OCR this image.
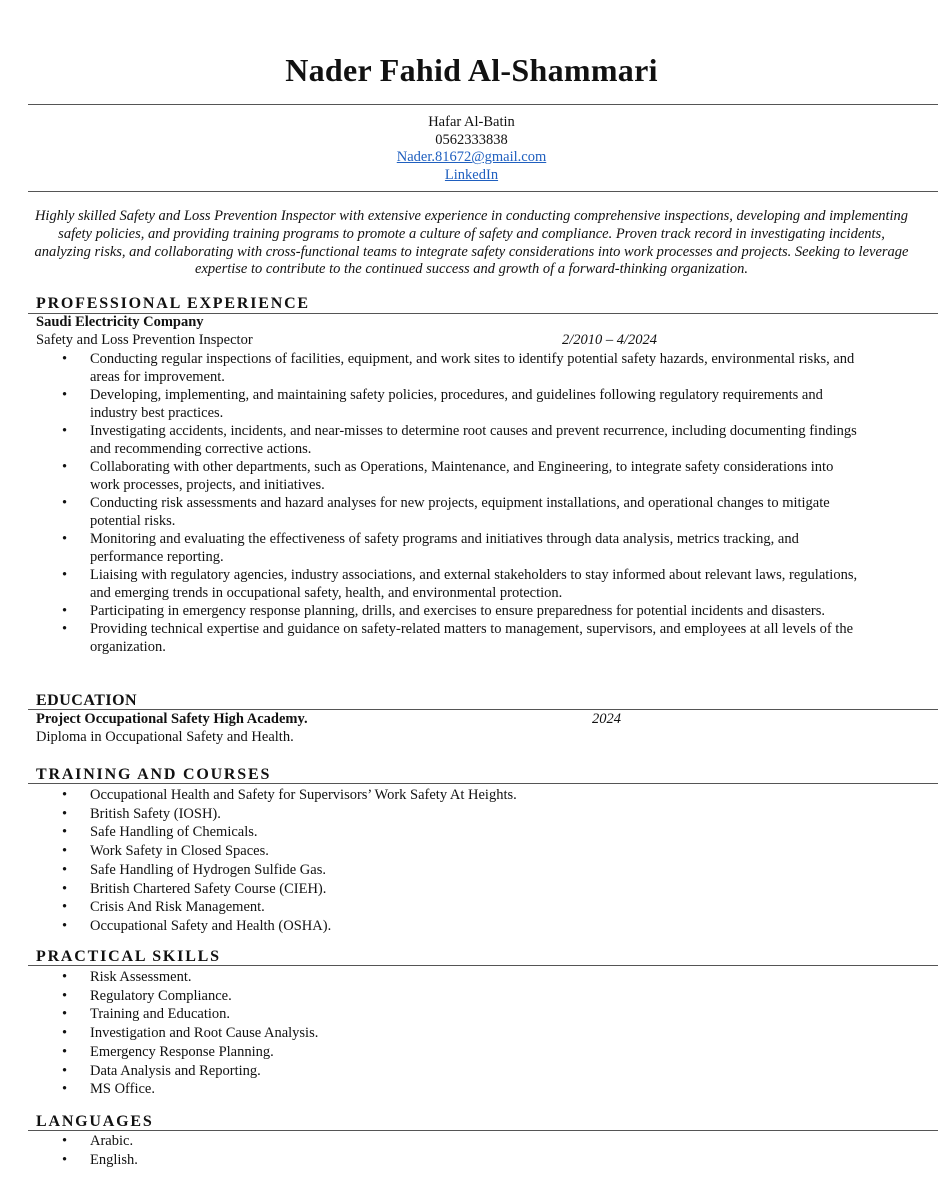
Nader Fahid Al-Shammari
Hafar Al-Batin
0562333838
Nader.81672@gmail.com
LinkedIn
Highly skilled Safety and Loss Prevention Inspector with extensive experience in conducting comprehensive inspections, developing and implementing safety policies, and providing training programs to promote a culture of safety and compliance. Proven track record in investigating incidents, analyzing risks, and collaborating with cross-functional teams to integrate safety considerations into work processes and projects. Seeking to leverage expertise to contribute to the continued success and growth of a forward-thinking organization.
PROFESSIONAL EXPERIENCE
Saudi Electricity Company
Safety and Loss Prevention Inspector	2/2010 – 4/2024
• Conducting regular inspections of facilities, equipment, and work sites to identify potential safety hazards, environmental risks, and areas for improvement.
• Developing, implementing, and maintaining safety policies, procedures, and guidelines following regulatory requirements and industry best practices.
• Investigating accidents, incidents, and near-misses to determine root causes and prevent recurrence, including documenting findings and recommending corrective actions.
• Collaborating with other departments, such as Operations, Maintenance, and Engineering, to integrate safety considerations into work processes, projects, and initiatives.
• Conducting risk assessments and hazard analyses for new projects, equipment installations, and operational changes to mitigate potential risks.
• Monitoring and evaluating the effectiveness of safety programs and initiatives through data analysis, metrics tracking, and performance reporting.
• Liaising with regulatory agencies, industry associations, and external stakeholders to stay informed about relevant laws, regulations, and emerging trends in occupational safety, health, and environmental protection.
• Participating in emergency response planning, drills, and exercises to ensure preparedness for potential incidents and disasters.
• Providing technical expertise and guidance on safety-related matters to management, supervisors, and employees at all levels of the organization.
EDUCATION
Project Occupational Safety High Academy.	2024
Diploma in Occupational Safety and Health.
TRAINING AND COURSES
• Occupational Health and Safety for Supervisors’ Work Safety At Heights.
• British Safety (IOSH).
• Safe Handling of Chemicals.
• Work Safety in Closed Spaces.
• Safe Handling of Hydrogen Sulfide Gas.
• British Chartered Safety Course (CIEH).
• Crisis And Risk Management.
• Occupational Safety and Health (OSHA).
PRACTICAL SKILLS
• Risk Assessment.
• Regulatory Compliance.
• Training and Education.
• Investigation and Root Cause Analysis.
• Emergency Response Planning.
• Data Analysis and Reporting.
• MS Office.
LANGUAGES
• Arabic.
• English.
